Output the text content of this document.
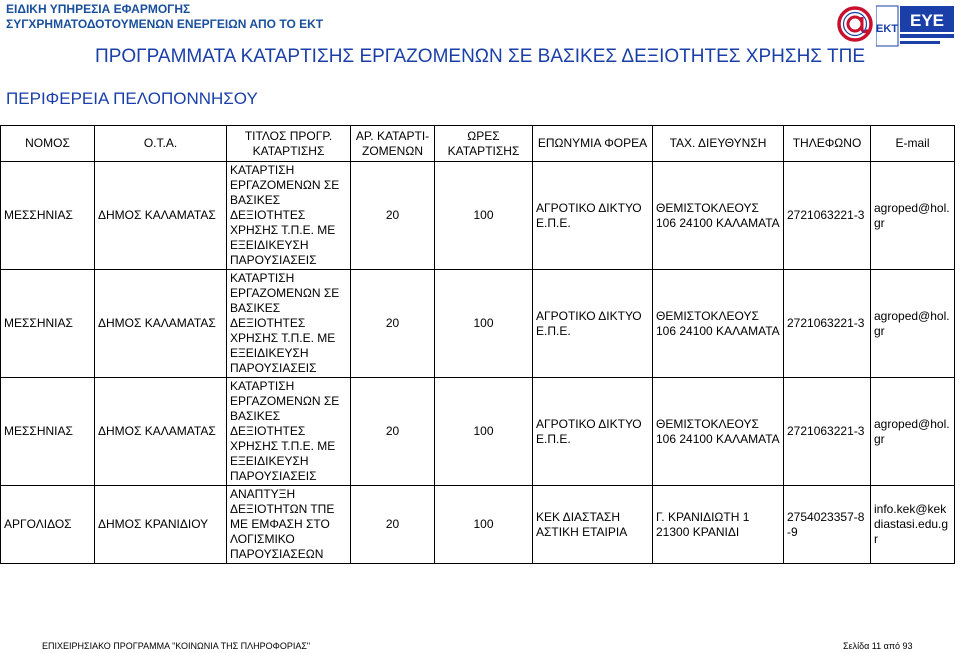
ΕΙΔΙΚΗ ΥΠΗΡΕΣΙΑ ΕΦΑΡΜΟΓΗΣ
ΣΥΓΧΡΗΜΑΤΟΔΟΤΟΥΜΕΝΩΝ ΕΝΕΡΓΕΙΩΝ ΑΠΟ ΤΟ ΕΚΤ	EKT EYE
ΠΡΟΓΡΑΜΜΑΤΑ ΚΑΤΑΡΤΙΣΗΣ ΕΡΓΑΖΟΜΕΝΩΝ ΣΕ ΒΑΣΙΚΕΣ ΔΕΞΙΟΤΗΤΕΣ ΧΡΗΣΗΣ ΤΠΕ
ΠΕΡΙΦΕΡΕΙΑ ΠΕΛΟΠΟΝΝΗΣΟΥ
ΝΟΜΟΣ	Ο.Τ.Α.	ΤΙΤΛΟΣ ΠΡΟΓΡ. ΚΑΤΑΡΤΙΣΗΣ	ΑΡ. ΚΑΤΑΡΤΙ-ΖΟΜΕΝΩΝ	ΩΡΕΣ ΚΑΤΑΡΤΙΣΗΣ	ΕΠΩΝΥΜΙΑ ΦΟΡΕΑ	ΤΑΧ. ΔΙΕΥΘΥΝΣΗ	ΤΗΛΕΦΩΝΟ	E-mail
ΜΕΣΣΗΝΙΑΣ	ΔΗΜΟΣ ΚΑΛΑΜΑΤΑΣ	ΚΑΤΑΡΤΙΣΗ ΕΡΓΑΖΟΜΕΝΩΝ ΣΕ ΒΑΣΙΚΕΣ ΔΕΞΙΟΤΗΤΕΣ ΧΡΗΣΗΣ Τ.Π.Ε. ΜΕ ΕΞΕΙΔΙΚΕΥΣΗ ΠΑΡΟΥΣΙΑΣΕΙΣ	20	100	ΑΓΡΟΤΙΚΟ ΔΙΚΤΥΟ Ε.Π.Ε.	ΘΕΜΙΣΤΟΚΛΕΟΥΣ 106 24100 ΚΑΛΑΜΑΤΑ	2721063221-3	agroped@hol.gr
ΜΕΣΣΗΝΙΑΣ	ΔΗΜΟΣ ΚΑΛΑΜΑΤΑΣ	ΚΑΤΑΡΤΙΣΗ ΕΡΓΑΖΟΜΕΝΩΝ ΣΕ ΒΑΣΙΚΕΣ ΔΕΞΙΟΤΗΤΕΣ ΧΡΗΣΗΣ Τ.Π.Ε. ΜΕ ΕΞΕΙΔΙΚΕΥΣΗ ΠΑΡΟΥΣΙΑΣΕΙΣ	20	100	ΑΓΡΟΤΙΚΟ ΔΙΚΤΥΟ Ε.Π.Ε.	ΘΕΜΙΣΤΟΚΛΕΟΥΣ 106 24100 ΚΑΛΑΜΑΤΑ	2721063221-3	agroped@hol.gr
ΜΕΣΣΗΝΙΑΣ	ΔΗΜΟΣ ΚΑΛΑΜΑΤΑΣ	ΚΑΤΑΡΤΙΣΗ ΕΡΓΑΖΟΜΕΝΩΝ ΣΕ ΒΑΣΙΚΕΣ ΔΕΞΙΟΤΗΤΕΣ ΧΡΗΣΗΣ Τ.Π.Ε. ΜΕ ΕΞΕΙΔΙΚΕΥΣΗ ΠΑΡΟΥΣΙΑΣΕΙΣ	20	100	ΑΓΡΟΤΙΚΟ ΔΙΚΤΥΟ Ε.Π.Ε.	ΘΕΜΙΣΤΟΚΛΕΟΥΣ 106 24100 ΚΑΛΑΜΑΤΑ	2721063221-3	agroped@hol.gr
ΑΡΓΟΛΙΔΟΣ	ΔΗΜΟΣ ΚΡΑΝΙΔΙΟΥ	ΑΝΑΠΤΥΞΗ ΔΕΞΙΟΤΗΤΩΝ ΤΠΕ ΜΕ ΕΜΦΑΣΗ ΣΤΟ ΛΟΓΙΣΜΙΚΟ ΠΑΡΟΥΣΙΑΣΕΩΝ	20	100	ΚΕΚ ΔΙΑΣΤΑΣΗ ΑΣΤΙΚΗ ΕΤΑΙΡΙΑ	Γ. ΚΡΑΝΙΔΙΩΤΗ 1 21300 ΚΡΑΝΙΔΙ	2754023357-8-9	info.kek@kekdiastasi.edu.gr
ΕΠΙΧΕΙΡΗΣΙΑΚΟ ΠΡΟΓΡΑΜΜΑ "ΚΟΙΝΩΝΙΑ ΤΗΣ ΠΛΗΡΟΦΟΡΙΑΣ"	Σελίδα 11 από 93
